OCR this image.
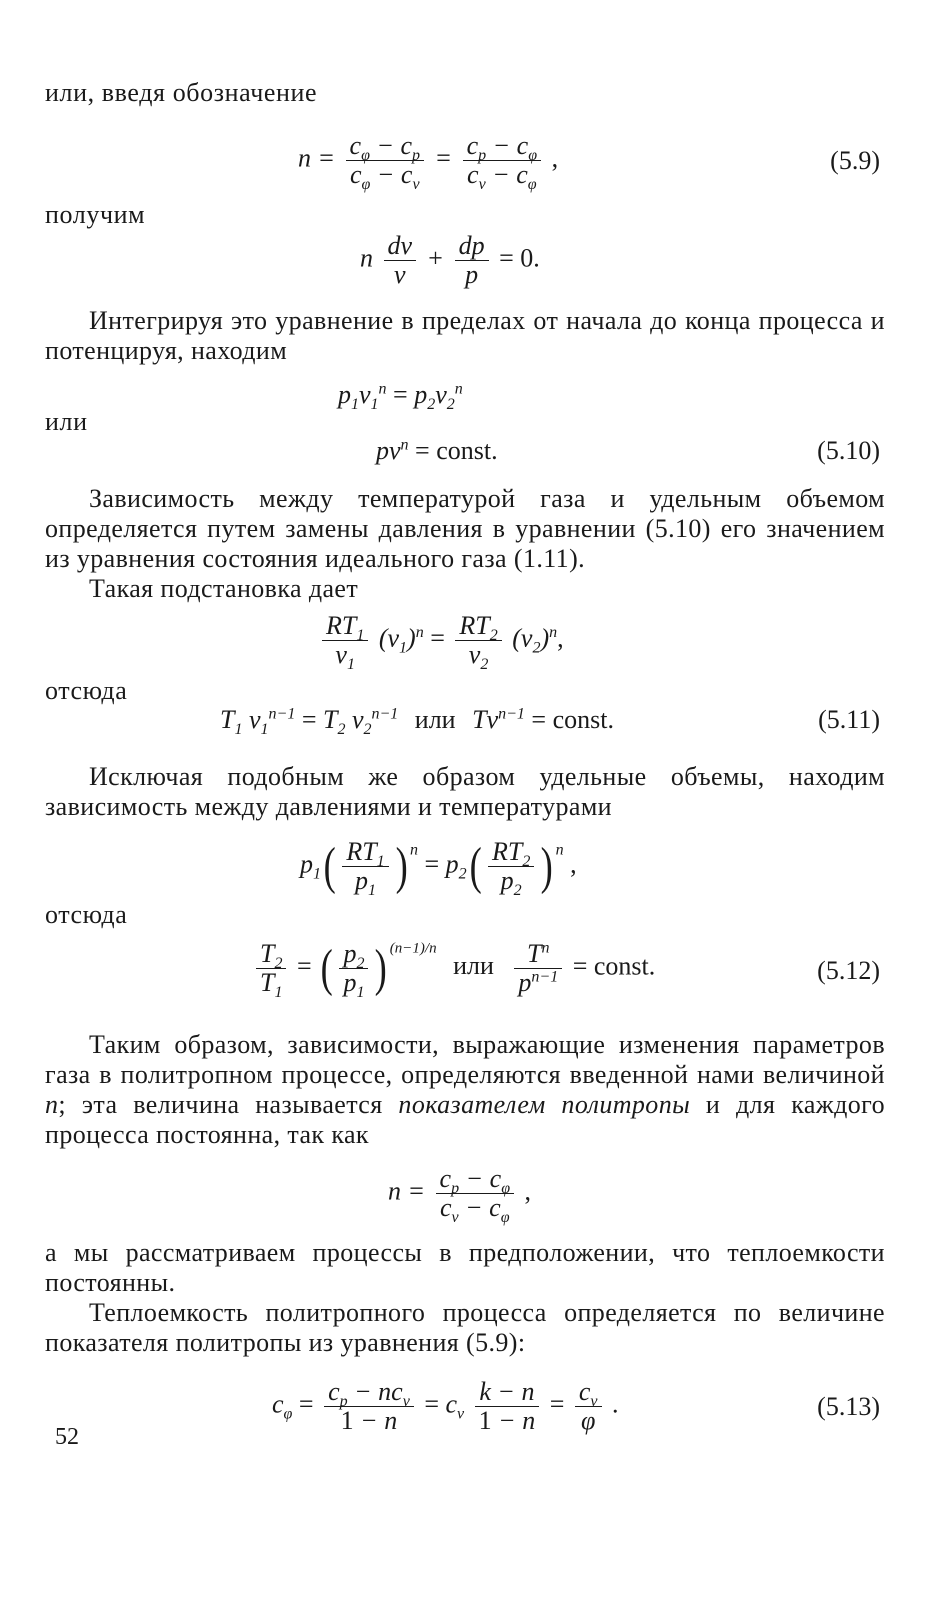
или, введя обозначение
$n = \frac{c_\varphi - c_p}{c_\varphi - c_v} = \frac{c_p - c_\varphi}{c_v - c_\varphi}$ ,	(5.9)
получим
n $\frac{dv}{v} + \frac{dp}{p} = 0$.

Интегрируя это уравнение в пределах от начала до конца процесса и потенцируя, находим

$p_1v_1^n = p_2v_2^n$
или
$pv^n$ = const.	(5.10)

Зависимость между температурой газа и удельным объемом определяется путем замены давления в уравнении (5.10) его значением из уравнения состояния идеального газа (1.11).

Такая подстановка дает

$\frac{RT_1}{v_1} (v_1)^n = \frac{RT_2}{v_2} (v_2)^n$,
отсюда
$T_1$ $v_1^{n-1} = T_2$ $v_2^{n-1}$ или $Tv^{n-1}$ = const.	(5.11)

Исключая подобным же образом удельные объемы, находим зависимость между давлениями и температурами

$p_1( \frac{RT_1}{p_1}$ ) $^n = p_2( \frac{RT_2}{p_2}$ ) $^n$ ,
отсюда
$\frac{T_2}{T_1}$ = ( $\frac{p_2}{p_1}$ ) $^{(n-1)/n}$ или $\frac{T^n}{p^{n-1}}$ = const.	(5.12)

Таким образом, зависимости, выражающие изменения параметров газа в политропном процессе, определяются введенной нами величиной n; эта величина называется показателем политропы и для каждого процесса постоянна, так как

$n = \frac{c_p - c_\varphi}{c_v - c_\varphi}$ ,

а мы рассматриваем процессы в предположении, что теплоемкости постоянны.

Теплоемкость политропного процесса определяется по величине показателя политропы из уравнения (5.9):

$c_\varphi = \frac{c_p - nc_v}{1 - n} = c_v \frac{k - n}{1 - n} = \frac{c_v}{\varphi}$ .	(5.13)
52
